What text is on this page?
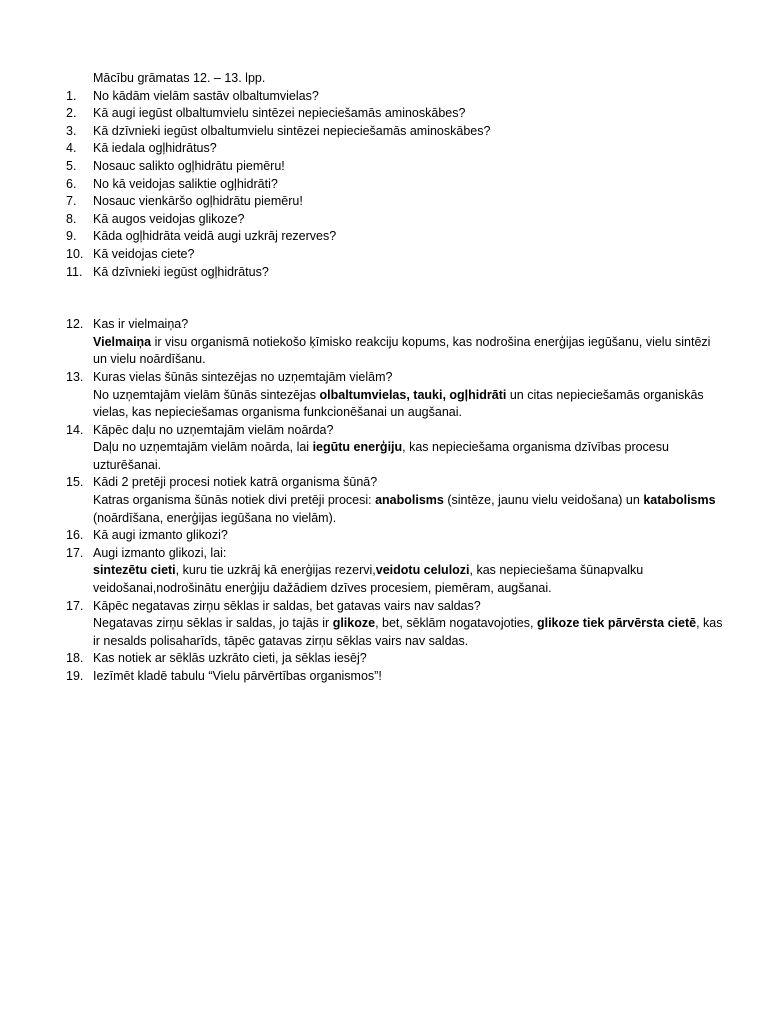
Mācību grāmatas 12. – 13. lpp.
1.	No kādām vielām sastāv olbaltumvielas?
2.	Kā augi iegūst olbaltumvielu sintēzei nepieciešamās aminoskābes?
3.	Kā dzīvnieki iegūst olbaltumvielu sintēzei nepieciešamās aminoskābes?
4.	Kā iedala ogļhidrātus?
5.	Nosauc salikto ogļhidrātu piemēru!
6.	No kā veidojas saliktie ogļhidrāti?
7.	Nosauc vienkāršo ogļhidrātu piemēru!
8.	Kā augos veidojas glikoze?
9.	Kāda ogļhidrāta veidā augi uzkrāj rezerves?
10. Kā veidojas ciete?
11. Kā dzīvnieki iegūst ogļhidrātus?
12. Kas ir vielmaiņa?
Vielmaiņa ir visu organismā notiekošo ķīmisko reakciju kopums, kas nodrošina enerģijas iegūšanu, vielu sintēzi un vielu noārdīšanu.
13. Kuras vielas šūnās sintezējas no uzņemtajām vielām?
No uzņemtajām vielām šūnās sintezējas olbaltumvielas, tauki, ogļhidrāti un citas nepieciešamās organiskās vielas, kas nepieciešamas organisma funkcionēšanai un augšanai.
14. Kāpēc daļu no uzņemtajām vielām noārda?
Daļu no uzņemtajām vielām noārda, lai iegūtu enerģiju, kas nepieciešama organisma dzīvības procesu uzturēšanai.
15. Kādi 2 pretēji procesi notiek katrā organisma šūnā?
Katras organisma šūnās notiek divi pretēji procesi: anabolisms (sintēze, jaunu vielu veidošana) un katabolisms (noārdīšana, enerģijas iegūšana no vielām).
16. Kā augi izmanto glikozi?
17. Augi izmanto glikozi, lai:
sintezētu cieti, kuru tie uzkrāj kā enerģijas rezervi,veidotu celulozi, kas nepieciešama šūnapvalku veidošanai,nodrošinātu enerģiju dažādiem dzīves procesiem, piemēram, augšanai.
17. Kāpēc negatavas zirņu sēklas ir saldas, bet gatavas vairs nav saldas?
Negatavas zirņu sēklas ir saldas, jo tajās ir glikoze, bet, sēklām nogatavojoties, glikoze tiek pārvērsta cietē, kas ir nesalds polisaharīds, tāpēc gatavas zirņu sēklas vairs nav saldas.
18. Kas notiek ar sēklās uzkrāto cieti, ja sēklas iesēj?
19. Iezīmēt kladē tabulu “Vielu pārvērtības organismos”!
